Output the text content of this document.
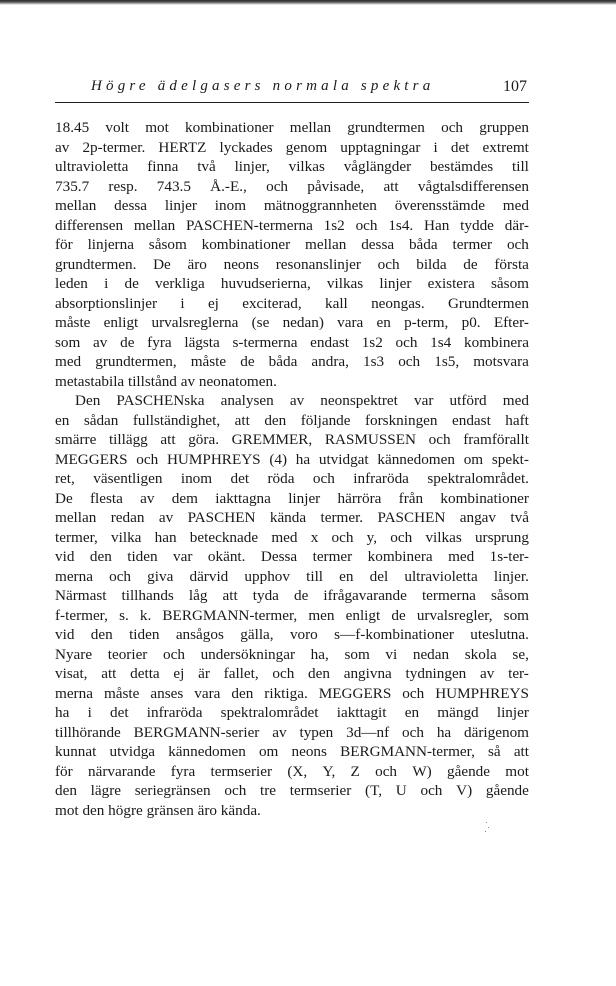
Högre ädelgasers normala spektra	107
18.45 volt mot kombinationer mellan grundtermen och gruppen
av 2p-termer. HERTZ lyckades genom upptagningar i det extremt
ultravioletta finna två linjer, vilkas våglängder bestämdes till
735.7 resp. 743.5 Å.-E., och påvisade, att vågtalsdifferensen
mellan dessa linjer inom mätnoggrannheten överensstämde med
differensen mellan PASCHEN-termerna 1s2 och 1s4. Han tydde där-
för linjerna såsom kombinationer mellan dessa båda termer och
grundtermen. De äro neons resonanslinjer och bilda de första
leden i de verkliga huvudserierna, vilkas linjer existera såsom
absorptionslinjer i ej exciterad, kall neongas. Grundtermen
måste enligt urvalsreglerna (se nedan) vara en p-term, p0. Efter-
som av de fyra lägsta s-termerna endast 1s2 och 1s4 kombinera
med grundtermen, måste de båda andra, 1s3 och 1s5, motsvara
metastabila tillstånd av neonatomen.
Den PASCHENska analysen av neonspektret var utförd med
en sådan fullständighet, att den följande forskningen endast haft
smärre tillägg att göra. GREMMER, RASMUSSEN och framförallt
MEGGERS och HUMPHREYS (4) ha utvidgat kännedomen om spekt-
ret, väsentligen inom det röda och infraröda spektralområdet.
De flesta av dem iakttagna linjer härröra från kombinationer
mellan redan av PASCHEN kända termer. PASCHEN angav två
termer, vilka han betecknade med x och y, och vilkas ursprung
vid den tiden var okänt. Dessa termer kombinera med 1s-ter-
merna och giva därvid upphov till en del ultravioletta linjer.
Närmast tillhands låg att tyda de ifrågavarande termerna såsom
f-termer, s. k. BERGMANN-termer, men enligt de urvalsregler, som
vid den tiden ansågos gälla, voro s—f-kombinationer uteslutna.
Nyare teorier och undersökningar ha, som vi nedan skola se,
visat, att detta ej är fallet, och den angivna tydningen av ter-
merna måste anses vara den riktiga. MEGGERS och HUMPHREYS
ha i det infraröda spektralområdet iakttagit en mängd linjer
tillhörande BERGMANN-serier av typen 3d—nf och ha därigenom
kunnat utvidga kännedomen om neons BERGMANN-termer, så att
för närvarande fyra termserier (X, Y, Z och W) gående mot
den lägre seriegränsen och tre termserier (T, U och V) gående
mot den högre gränsen äro kända.
